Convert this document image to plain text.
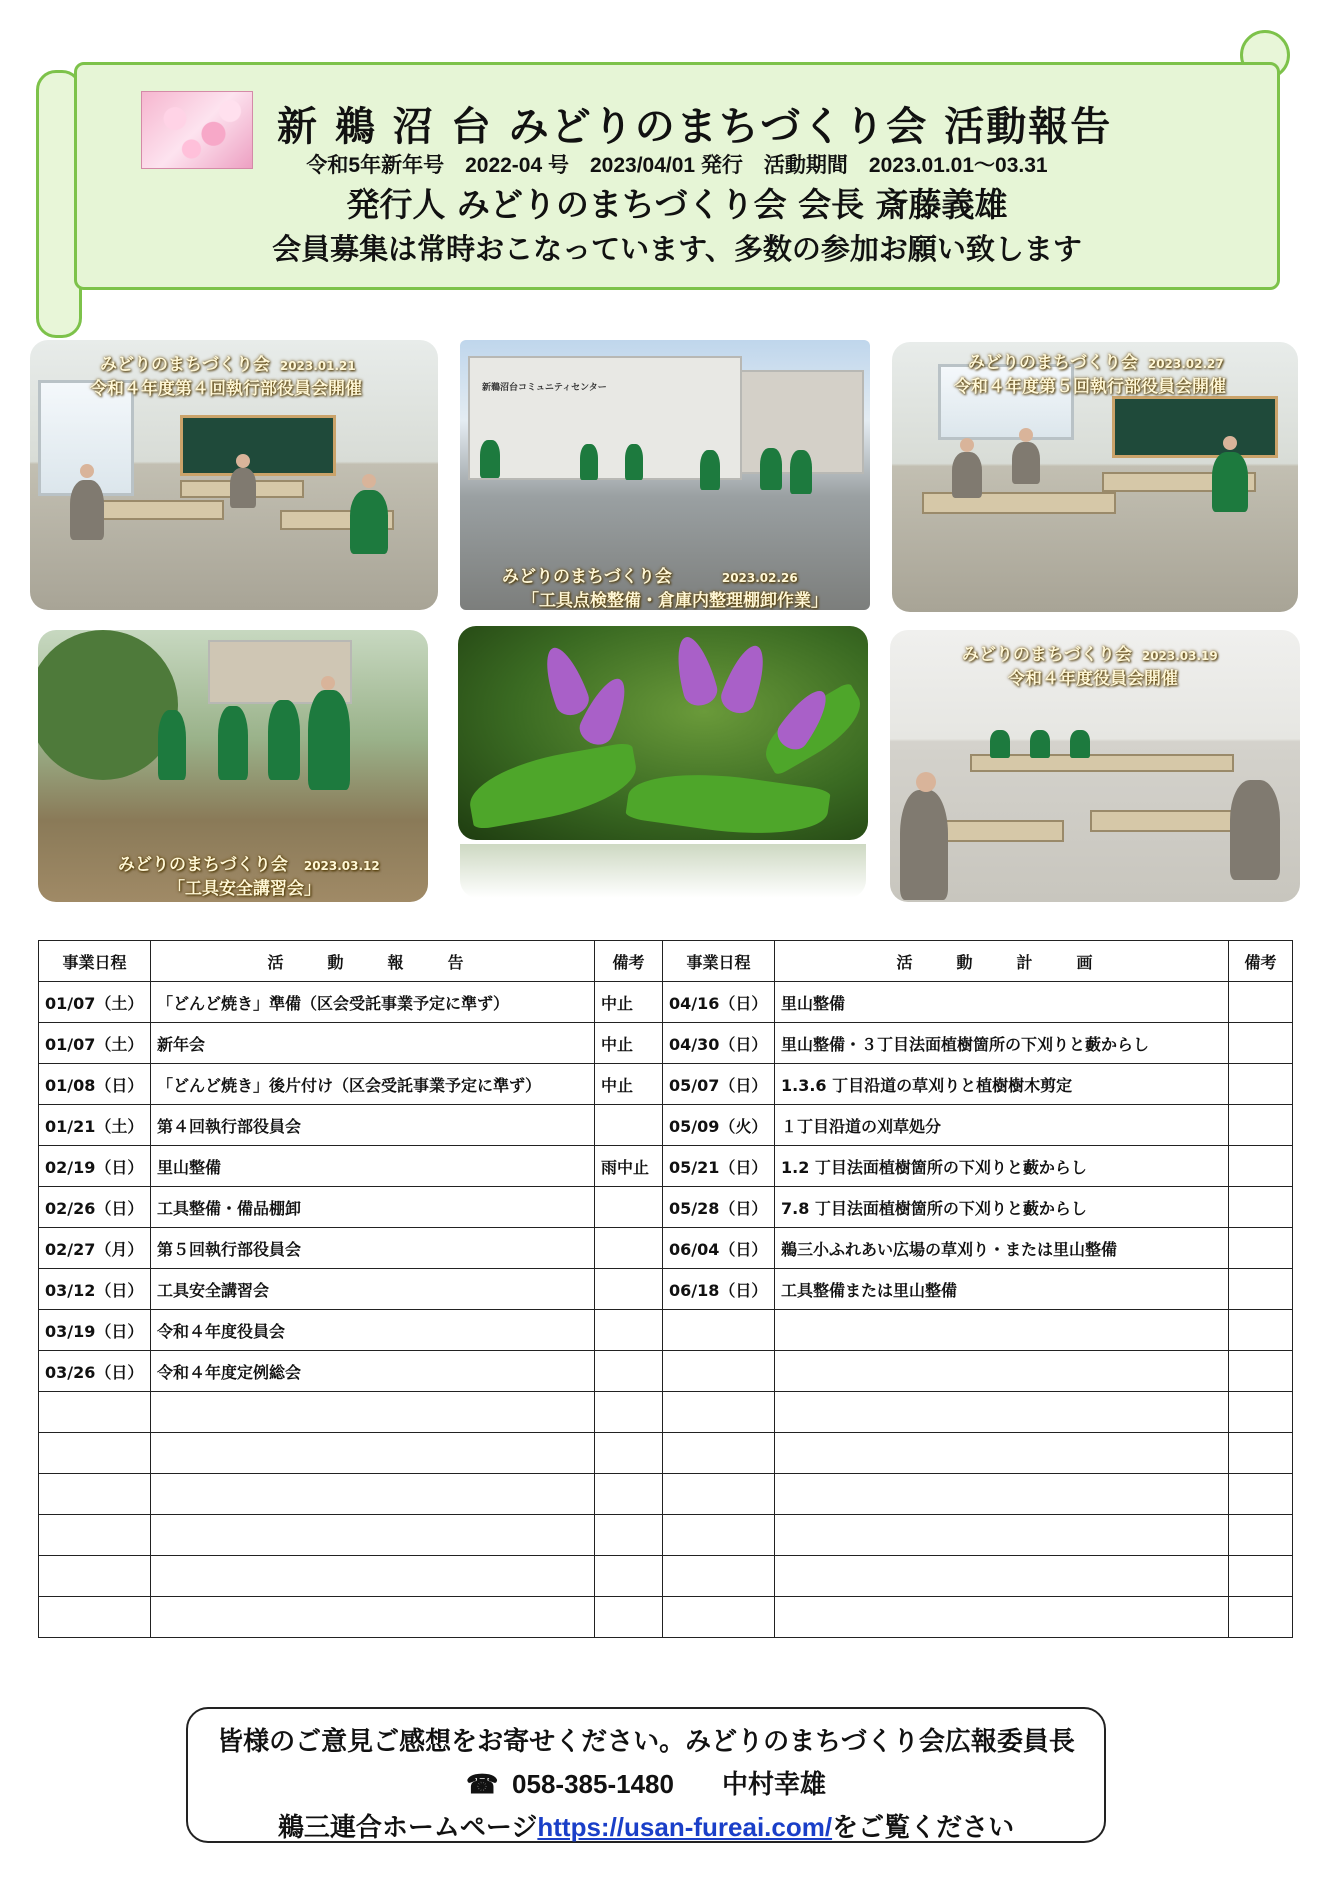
新 鵜 沼 台 みどりのまちづくり会 活動報告
令和5年新年号　2022-04 号　2023/04/01 発行　活動期間　2023.01.01～03.31
発行人 みどりのまちづくり会 会長 斎藤義雄
会員募集は常時おこなっています、多数の参加お願い致します
みどりのまちづくり会 2023.01.21
令和４年度第４回執行部役員会開催	新鵜沼台コミュニティセンター
みどりのまちづくり会	2023.02.26
「工具点検整備・倉庫内整理棚卸作業」
みどりのまちづくり会 2023.02.27
令和４年度第５回執行部役員会開催
みどりのまちづくり会 2023.03.12
「工具安全講習会」
みどりのまちづくり会 2023.03.19
令和４年度役員会開催
事業日程	活　動　報　告	備考	事業日程	活　動　計　画	備考
01/07（土）	「どんど焼き」準備（区会受託事業予定に準ず）	中止	04/16（日）	里山整備	
01/07（土）	新年会	中止	04/30（日）	里山整備・３丁目法面植樹箇所の下刈りと藪からし	
01/08（日）	「どんど焼き」後片付け（区会受託事業予定に準ず）	中止	05/07（日）	1.3.6 丁目沿道の草刈りと植樹樹木剪定	
01/21（土）	第４回執行部役員会		05/09（火）	１丁目沿道の刈草処分	
02/19（日）	里山整備	雨中止	05/21（日）	1.2 丁目法面植樹箇所の下刈りと藪からし	
02/26（日）	工具整備・備品棚卸		05/28（日）	7.8 丁目法面植樹箇所の下刈りと藪からし	
02/27（月）	第５回執行部役員会		06/04（日）	鵜三小ふれあい広場の草刈り・または里山整備	
03/12（日）	工具安全講習会		06/18（日）	工具整備または里山整備	
03/19（日）	令和４年度役員会				
03/26（日）	令和４年度定例総会				

皆様のご意見ご感想をお寄せください。みどりのまちづくり会広報委員長
☎ 058-385-1480 中村幸雄
鵜三連合ホームページhttps://usan-fureai.com/をご覧ください
